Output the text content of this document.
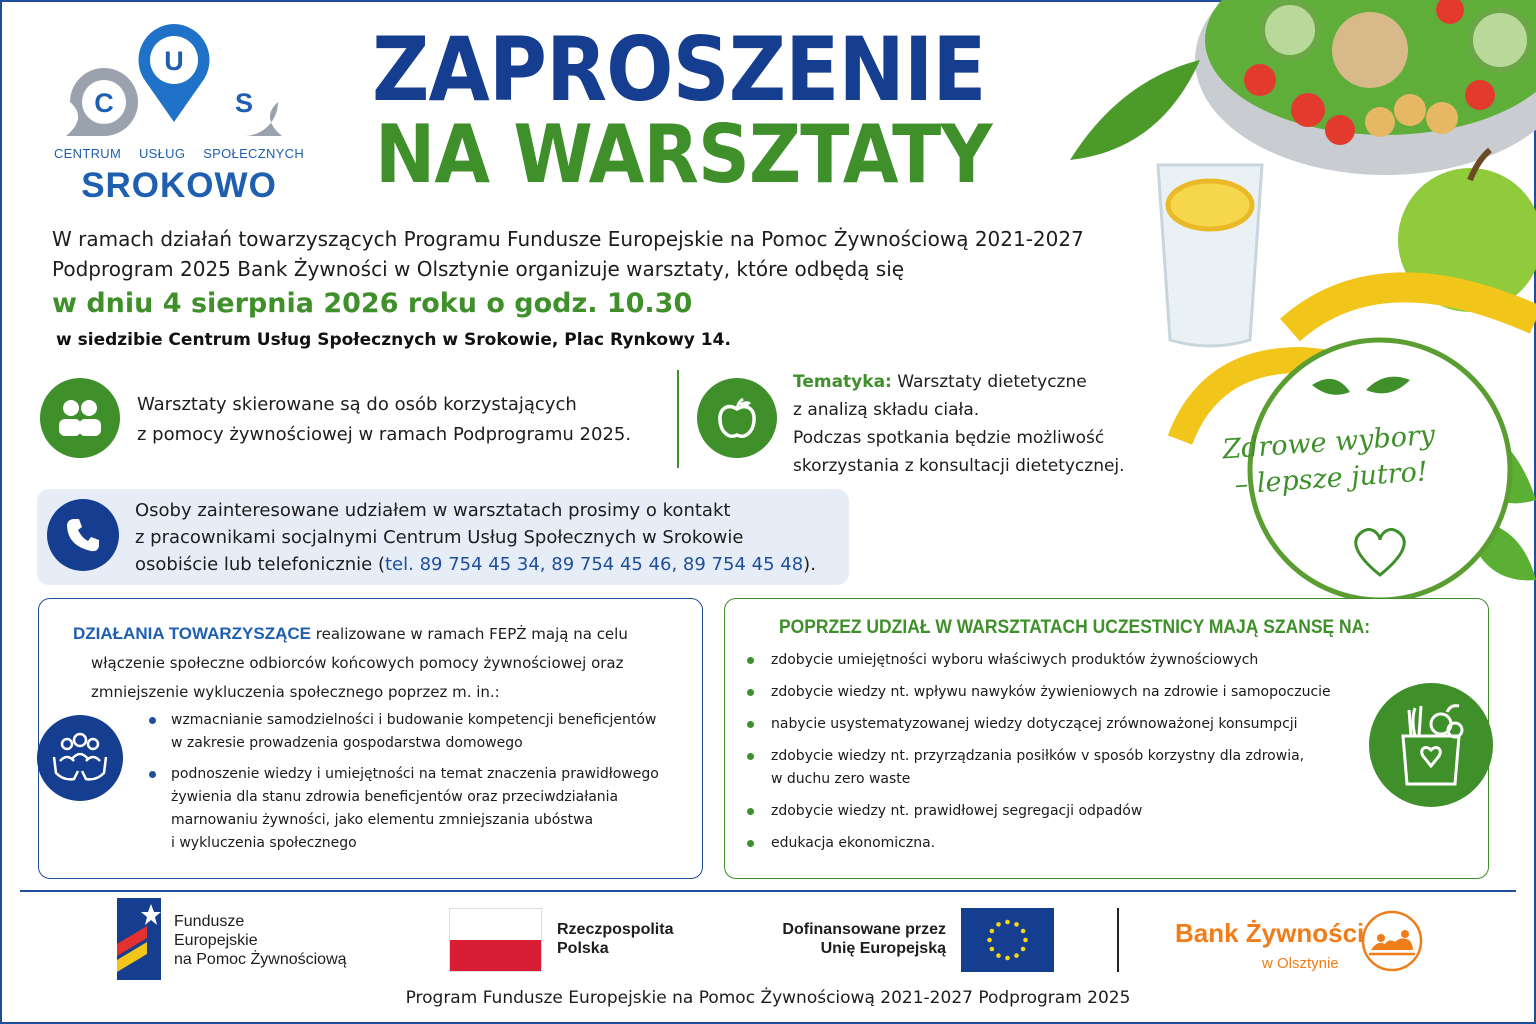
C
U
S
CENTRUM USŁUG SPOŁECZNYCH
SROKOWO
ZAPROSZENIE
NA WARSZTATY
Zdrowe wybory
– lepsze jutro!
W ramach działań towarzyszących Programu Fundusze Europejskie na Pomoc Żywnościową 2021-2027
Podprogram 2025 Bank Żywności w Olsztynie organizuje warsztaty, które odbędą się
w dniu 4 sierpnia 2026 roku o godz. 10.30
w siedzibie Centrum Usług Społecznych w Srokowie, Plac Rynkowy 14.
Warsztaty skierowane są do osób korzystających
z pomocy żywnościowej w ramach Podprogramu 2025.
Tematyka: Warsztaty dietetyczne
z analizą składu ciała.
Podczas spotkania będzie możliwość
skorzystania z konsultacji dietetycznej.
Osoby zainteresowane udziałem w warsztatach prosimy o kontakt
z pracownikami socjalnymi Centrum Usług Społecznych w Srokowie
osobiście lub telefonicznie (tel. 89 754 45 34, 89 754 45 46, 89 754 45 48).
DZIAŁANIA TOWARZYSZĄCE realizowane w ramach FEPŻ mają na celu
włączenie społeczne odbiorców końcowych pomocy żywnościowej oraz
zmniejszenie wykluczenia społecznego poprzez m. in.:
wzmacnianie samodzielności i budowanie kompetencji beneficjentów
w zakresie prowadzenia gospodarstwa domowego
podnoszenie wiedzy i umiejętności na temat znaczenia prawidłowego
żywienia dla stanu zdrowia beneficjentów oraz przeciwdziałania
marnowaniu żywności, jako elementu zmniejszania ubóstwa
i wykluczenia społecznego
POPRZEZ UDZIAŁ W WARSZTATACH UCZESTNICY MAJĄ SZANSĘ NA:
zdobycie umiejętności wyboru właściwych produktów żywnościowych
zdobycie wiedzy nt. wpływu nawyków żywieniowych na zdrowie i samopoczucie
nabycie usystematyzowanej wiedzy dotyczącej zrównoważonej konsumpcji
zdobycie wiedzy nt. przyrządzania posiłków v sposób korzystny dla zdrowia,
w duchu zero waste
zdobycie wiedzy nt. prawidłowej segregacji odpadów
edukacja ekonomiczna.
Fundusze
Europejskie
na Pomoc Żywnościową
Rzeczpospolita
Polska
Dofinansowane przez
Unię Europejską
Bank Żywności
w Olsztynie
Program Fundusze Europejskie na Pomoc Żywnościową 2021-2027 Podprogram 2025
